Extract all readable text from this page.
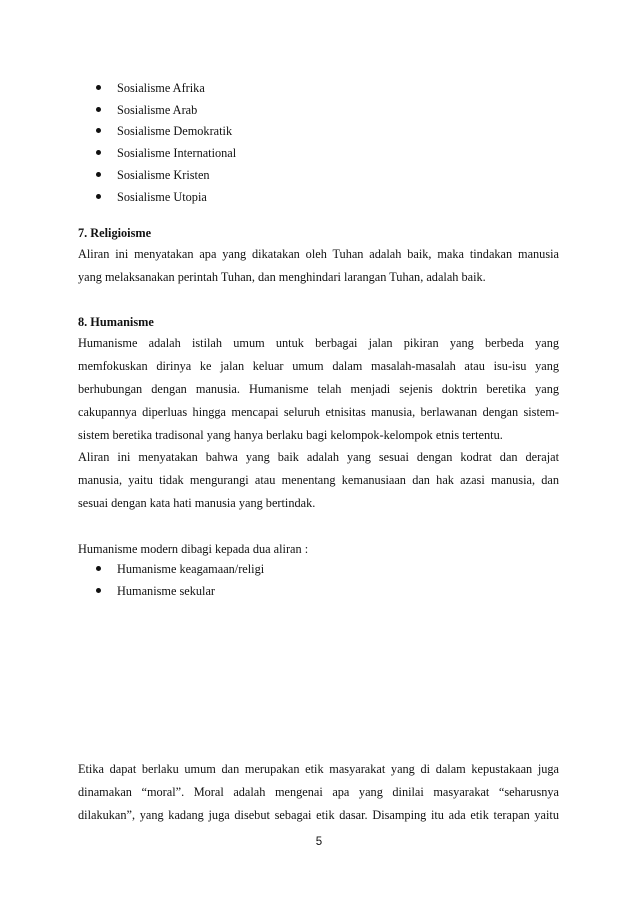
Sosialisme Afrika
Sosialisme Arab
Sosialisme Demokratik
Sosialisme International
Sosialisme Kristen
Sosialisme Utopia
7. Religioisme
Aliran ini menyatakan apa yang dikatakan oleh Tuhan adalah baik, maka tindakan manusia
yang melaksanakan perintah Tuhan, dan menghindari larangan Tuhan, adalah baik.
8. Humanisme
Humanisme adalah istilah umum untuk berbagai jalan pikiran yang berbeda yang
memfokuskan dirinya ke jalan keluar umum dalam masalah-masalah atau isu-isu yang
berhubungan dengan manusia. Humanisme telah menjadi sejenis doktrin beretika yang
cakupannya diperluas hingga mencapai seluruh etnisitas manusia, berlawanan dengan sistem-
sistem beretika tradisonal yang hanya berlaku bagi kelompok-kelompok etnis tertentu.
Aliran ini menyatakan bahwa yang baik adalah yang sesuai dengan kodrat dan derajat
manusia, yaitu tidak mengurangi atau menentang kemanusiaan dan hak azasi manusia, dan
sesuai dengan kata hati manusia yang bertindak.
Humanisme modern dibagi kepada dua aliran :
Humanisme keagamaan/religi
Humanisme sekular
Etika dapat berlaku umum dan merupakan etik masyarakat yang di dalam kepustakaan juga
dinamakan “moral”. Moral adalah mengenai apa yang dinilai masyarakat “seharusnya
dilakukan”, yang kadang juga disebut sebagai etik dasar. Disamping itu ada etik terapan yaitu
5
